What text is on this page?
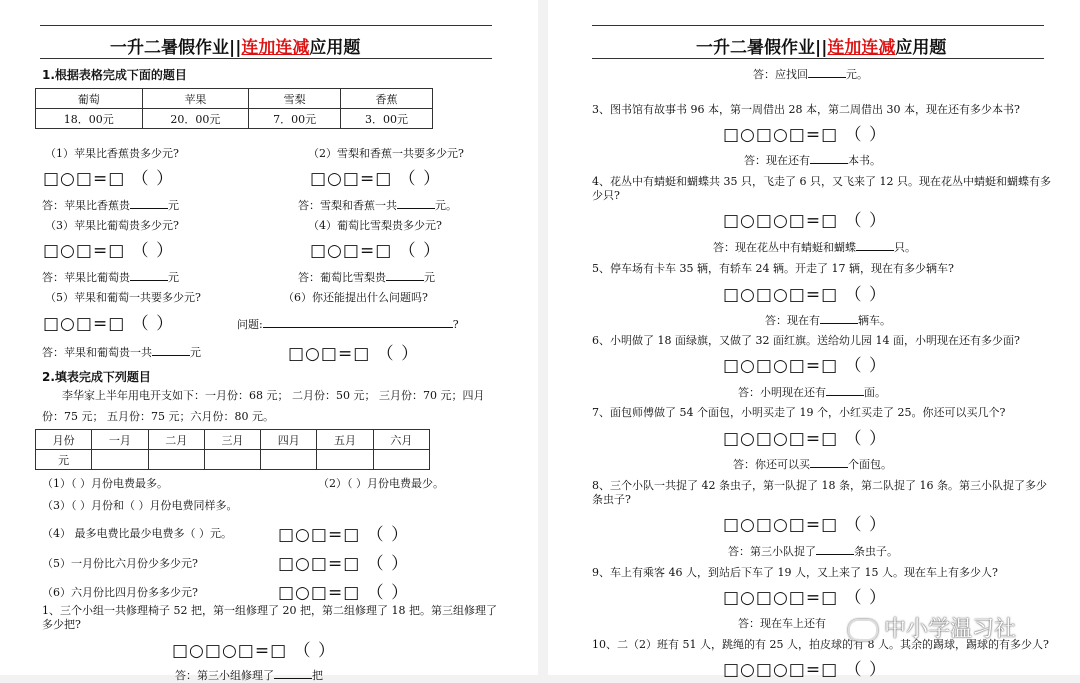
一升二暑假作业||连加连减应用题
1.根据表格完成下面的题目
葡萄	苹果	雪梨	香蕉
18．00元	20．00元	7．00元	3．00元
（1）苹果比香蕉贵多少元?	（2）雪梨和香蕉一共要多少元?
□○□=□ （ ）	□○□=□ （ ）
答：苹果比香蕉贵	元	答：雪梨和香蕉一共	元。
（3）苹果比葡萄贵多少元?	（4）葡萄比雪梨贵多少元?
□○□=□ （ ）	□○□=□ （ ）
答：苹果比葡萄贵	元	答：葡萄比雪梨贵	元
（5）苹果和葡萄一共要多少元?	（6）你还能提出什么问题吗?
□○□=□ （ ）	问题:	?
答：苹果和葡萄贵一共	元	□○□=□ （ ）
2.填表完成下列题目
李华家上半年用电开支如下：一月份：68 元； 二月份：50 元； 三月份：70 元；四月
份：75 元； 五月份：75 元；六月份：80 元。
月份	一月	二月	三月	四月	五月	六月
元						
（1）（ ）月份电费最多。	（2）（ ）月份电费最少。
（3）（ ）月份和（ ）月份电费同样多。
（4） 最多电费比最少电费多（ ）元。	□○□=□ （ ）
（5）一月份比六月份少多少元?	□○□=□ （ ）
（6）六月份比四月份多多少元?	□○□=□ （ ）
1、三个小组一共修理椅子 52 把，第一组修理了 20 把，第二组修理了 18 把。第三组修理了多少把?
□○□○□=□ （ ）
答：第三小组修理了	把
一升二暑假作业||连加连减应用题
答：应找回	元。
3、图书馆有故事书 96 本，第一周借出 28 本，第二周借出 30 本，现在还有多少本书?
□○□○□=□ （ ）
答：现在还有	本书。
4、花丛中有蜻蜓和蝴蝶共 35 只，飞走了 6 只，又飞来了 12 只。现在花丛中蜻蜓和蝴蝶有多少只?
□○□○□=□ （ ）
答：现在花丛中有蜻蜓和蝴蝶	只。
5、停车场有卡车 35 辆，有轿车 24 辆。开走了 17 辆，现在有多少辆车?
□○□○□=□ （ ）
答：现在有	辆车。
6、小明做了 18 面绿旗，又做了 32 面红旗。送给幼儿园 14 面，小明现在还有多少面?
□○□○□=□ （ ）
答：小明现在还有	面。
7、面包师傅做了 54 个面包，小明买走了 19 个，小红买走了 25。你还可以买几个?
□○□○□=□ （ ）
答：你还可以买	个面包。
8、三个小队一共捉了 42 条虫子，第一队捉了 18 条，第二队捉了 16 条。第三小队捉了多少条虫子?
□○□○□=□ （ ）
答：第三小队捉了	条虫子。
9、车上有乘客 46 人，到站后下车了 19 人，又上来了 15 人。现在车上有多少人?
□○□○□=□ （ ）
答：现在车上还有
10、二（2）班有 51 人，跳绳的有 25 人，拍皮球的有 8 人。其余的踢球，踢球的有多少人?
□○□○□=□ （ ）
中小学温习社
